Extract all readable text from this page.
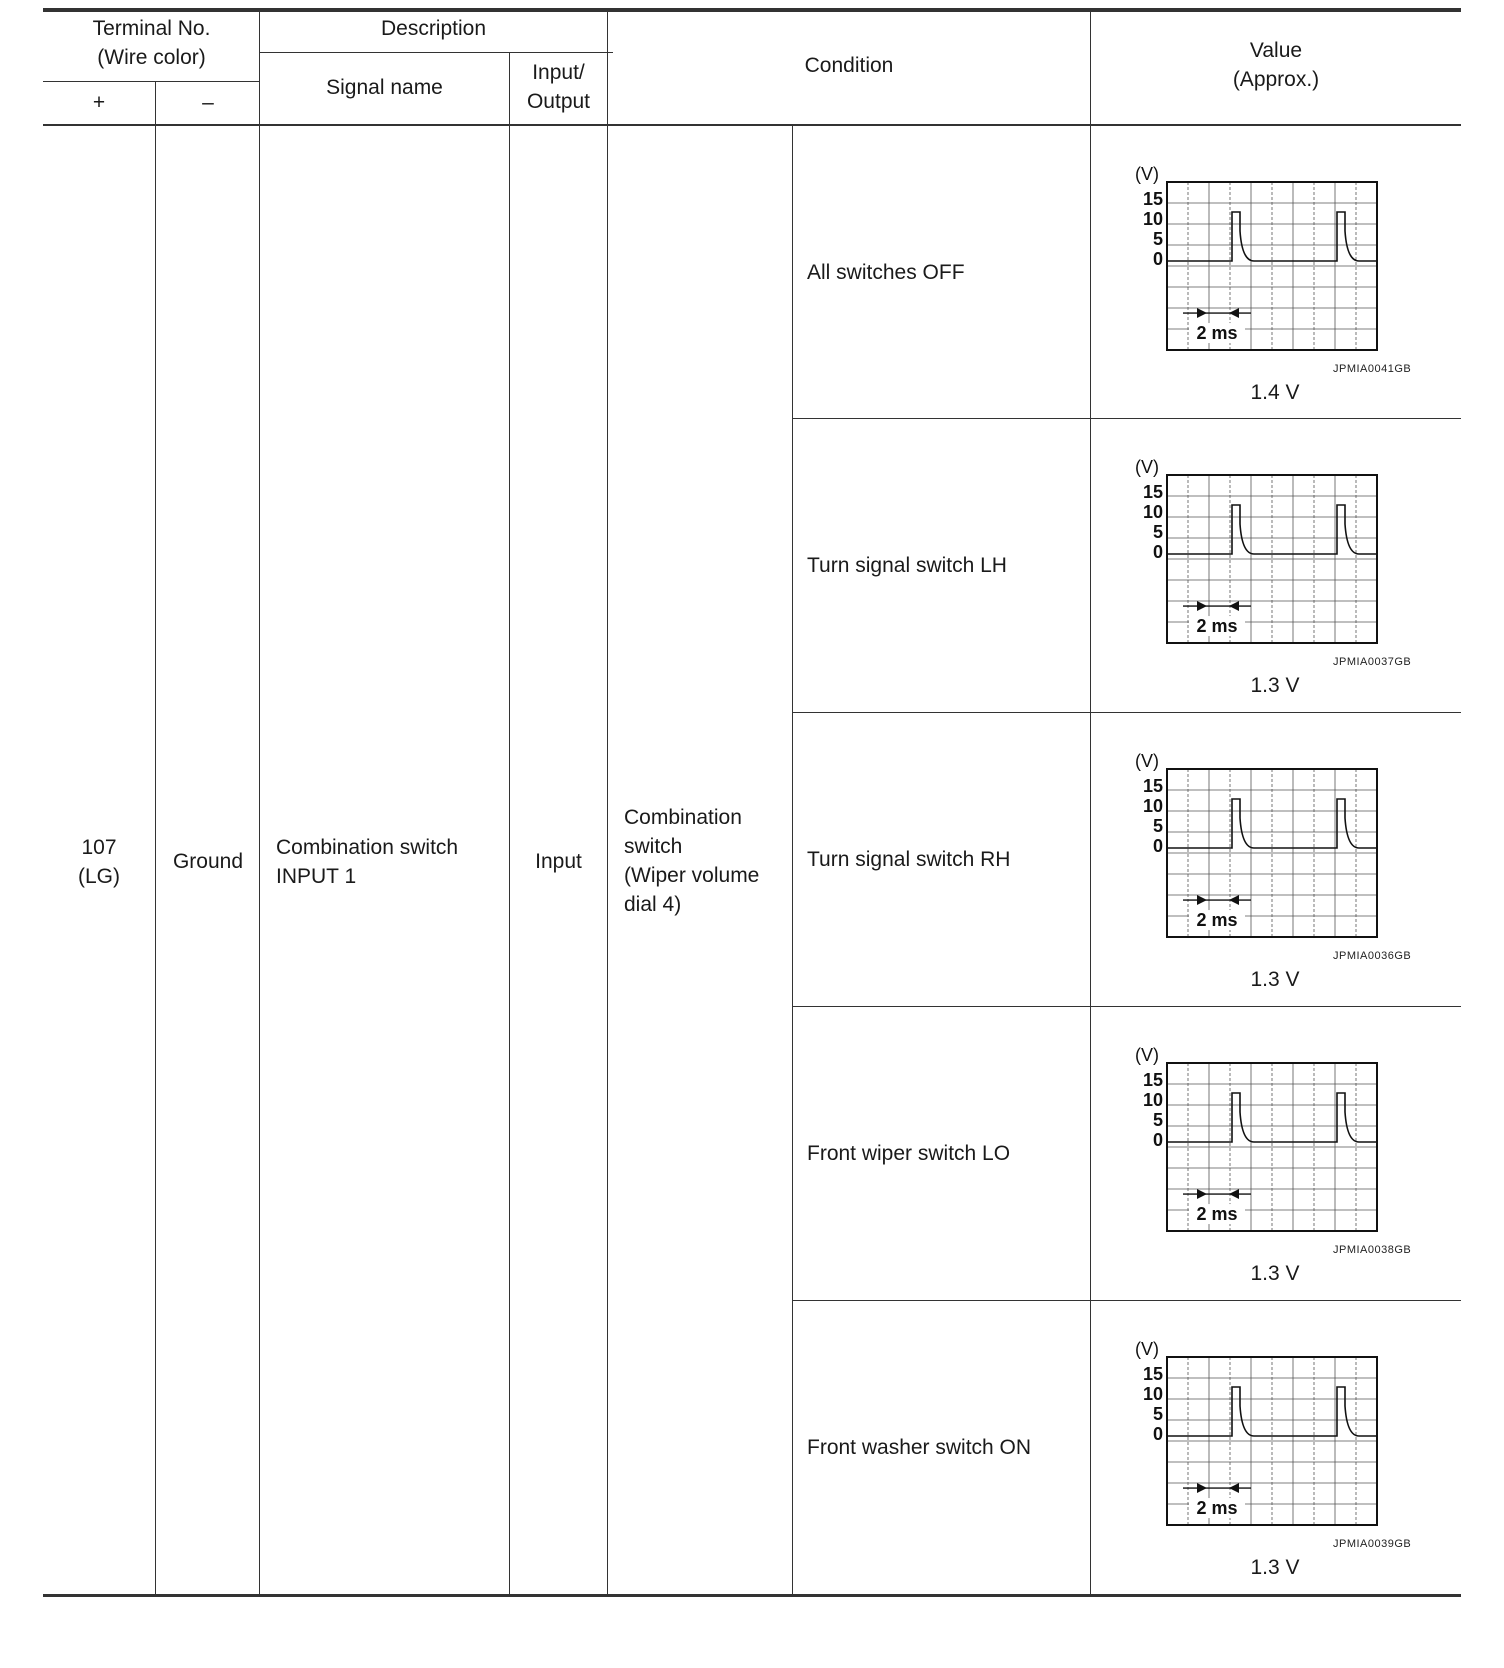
Terminal No.
(Wire color)
+	–
Description
Signal name
Input/
Output
Condition
Value
(Approx.)
107
(LG)
Ground
Combination switch
INPUT 1
Input
Combination
switch
(Wiper volume
dial 4)
All switches OFF
(V)
15
10
5
0
2 ms
JPMIA0041GB
1.4 V
Turn signal switch LH
(V)
15
10
5
0
2 ms
JPMIA0037GB
1.3 V
Turn signal switch RH
(V)
15
10
5
0
2 ms
JPMIA0036GB
1.3 V
Front wiper switch LO
(V)
15
10
5
0
2 ms
JPMIA0038GB
1.3 V
Front washer switch ON
(V)
15
10
5
0
2 ms
JPMIA0039GB
1.3 V
